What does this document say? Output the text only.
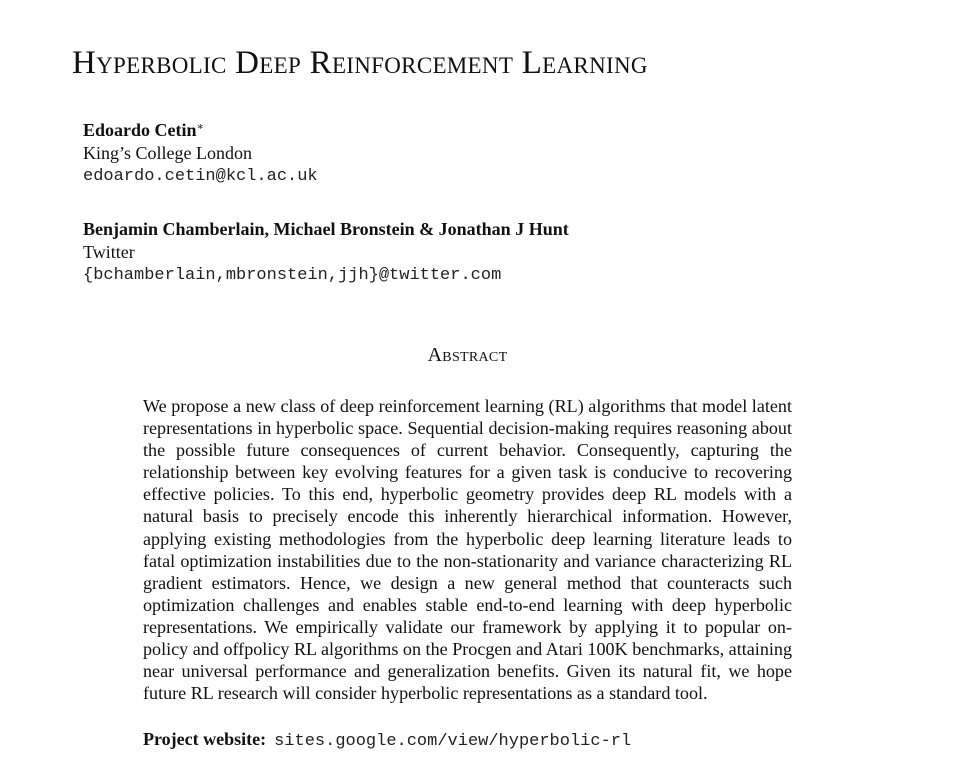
Hyperbolic Deep Reinforcement Learning
Edoardo Cetin∗
King’s College London
edoardo.cetin@kcl.ac.uk
Benjamin Chamberlain, Michael Bronstein & Jonathan J Hunt
Twitter
{bchamberlain,mbronstein,jjh}@twitter.com
Abstract

We propose a new class of deep reinforcement learning (RL) algorithms that model latent representations in hyperbolic space. Sequential decision-making requires reasoning about the possible future consequences of current behavior. Consequently, capturing the relationship between key evolving features for a given task is conducive to recovering effective policies. To this end, hyperbolic geometry provides deep RL models with a natural basis to precisely encode this inherently hierarchical information. However, applying existing methodologies from the hyperbolic deep learning literature leads to fatal optimization instabilities due to the non-stationarity and variance characterizing RL gradient estimators. Hence, we design a new general method that counteracts such optimization challenges and enables stable end-to-end learning with deep hyperbolic representations. We empirically validate our framework by applying it to popular on-policy and offpolicy RL algorithms on the Procgen and Atari 100K benchmarks, attaining near universal performance and generalization benefits. Given its natural fit, we hope future RL research will consider hyperbolic representations as a standard tool.

Project website: sites.google.com/view/hyperbolic-rl
